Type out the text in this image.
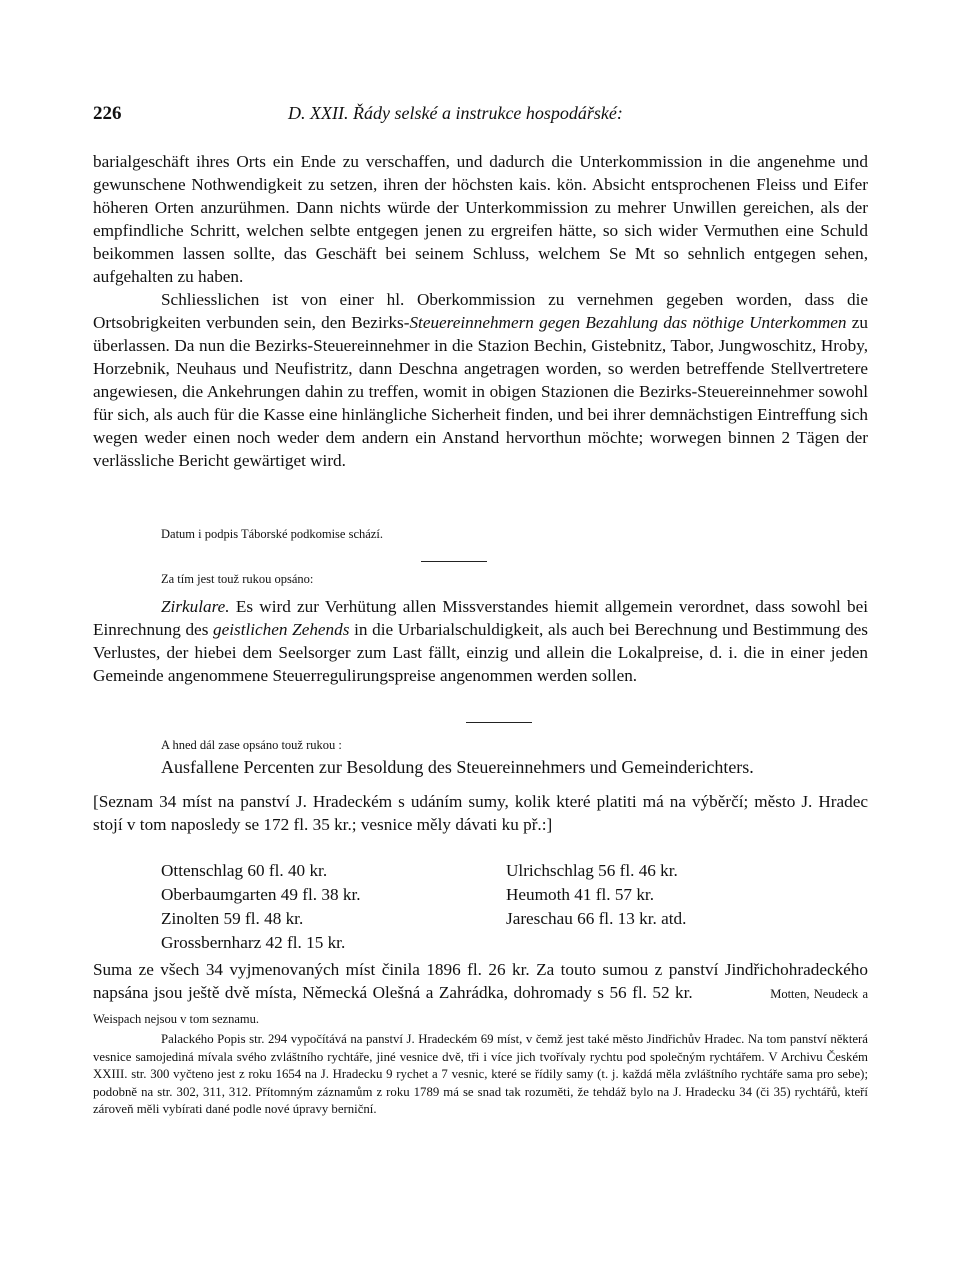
226	D. XXII. Řády selské a instrukce hospodářské:

barialgeschäft ihres Orts ein Ende zu verschaffen, und dadurch die Unterkommission in die angenehme und gewunschene Nothwendigkeit zu setzen, ihren der höchsten kais. kön. Absicht entsprochenen Fleiss und Eifer höheren Orten anzurühmen. Dann nichts würde der Unterkommission zu mehrer Unwillen gereichen, als der empfindliche Schritt, welchen selbte entgegen jenen zu ergreifen hätte, so sich wider Vermuthen eine Schuld beikommen lassen sollte, das Geschäft bei seinem Schluss, welchem Se Mt so sehnlich entgegen sehen, aufgehalten zu haben.

Schliesslichen ist von einer hl. Oberkommission zu vernehmen gegeben worden, dass die Ortsobrigkeiten verbunden sein, den Bezirks-Steuereinnehmern gegen Bezahlung das nöthige Unterkommen zu überlassen. Da nun die Bezirks-Steuereinnehmer in die Stazion Bechin, Gistebnitz, Tabor, Jungwoschitz, Hroby, Horzebnik, Neuhaus und Neufistritz, dann Deschna angetragen worden, so werden betreffende Stellvertretere angewiesen, die Ankehrungen dahin zu treffen, womit in obigen Stazionen die Bezirks-Steuereinnehmer sowohl für sich, als auch für die Kasse eine hinlängliche Sicherheit finden, und bei ihrer demnächstigen Eintreffung sich wegen weder einen noch weder dem andern ein Anstand hervorthun möchte; worwegen binnen 2 Tägen der verlässliche Bericht gewärtiget wird.

Datum i podpis Táborské podkomise schází.
Za tím jest touž rukou opsáno:

Zirkulare. Es wird zur Verhütung allen Missverstandes hiemit allgemein verordnet, dass sowohl bei Einrechnung des geistlichen Zehends in die Urbarialschuldigkeit, als auch bei Berechnung und Bestimmung des Verlustes, der hiebei dem Seelsorger zum Last fällt, einzig und allein die Lokalpreise, d. i. die in einer jeden Gemeinde angenommene Steuerregulirungspreise angenommen werden sollen.

A hned dál zase opsáno touž rukou :
Ausfallene Percenten zur Besoldung des Steuereinnehmers und Gemeinderichters.
[Seznam 34 míst na panství J. Hradeckém s udáním sumy, kolik které platiti má na výběrčí; město J. Hradec stojí v tom naposledy se 172 fl. 35 kr.; vesnice měly dávati ku př.:]
Ottenschlag 60 fl. 40 kr.
Oberbaumgarten 49 fl. 38 kr.
Zinolten 59 fl. 48 kr.
Grossbernharz 42 fl. 15 kr.
Ulrichschlag 56 fl. 46 kr.
Heumoth 41 fl. 57 kr.
Jareschau 66 fl. 13 kr. atd.
Suma ze všech 34 vyjmenovaných míst činila 1896 fl. 26 kr. Za touto sumou z panství Jindřichohradeckého napsána jsou ještě dvě místa, Německá Olešná a Zahrádka, dohromady s 56 fl. 52 kr.	Motten, Neudeck a Weispach nejsou v tom seznamu.
Palackého Popis str. 294 vypočítává na panství J. Hradeckém 69 míst, v čemž jest také město Jindřichův Hradec. Na tom panství některá vesnice samojediná mívala svého zvláštního rychtáře, jiné vesnice dvě, tři i více jich tvořívaly rychtu pod společným rychtářem. V Archivu Českém XXIII. str. 300 vyčteno jest z roku 1654 na J. Hradecku 9 rychet a 7 vesnic, které se řídily samy (t. j. každá měla zvláštního rychtáře sama pro sebe); podobně na str. 302, 311, 312. Přítomným záznamům z roku 1789 má se snad tak rozuměti, že tehdáž bylo na J. Hradecku 34 (či 35) rychtářů, kteří zároveň měli vybírati dané podle nové úpravy berniční.
